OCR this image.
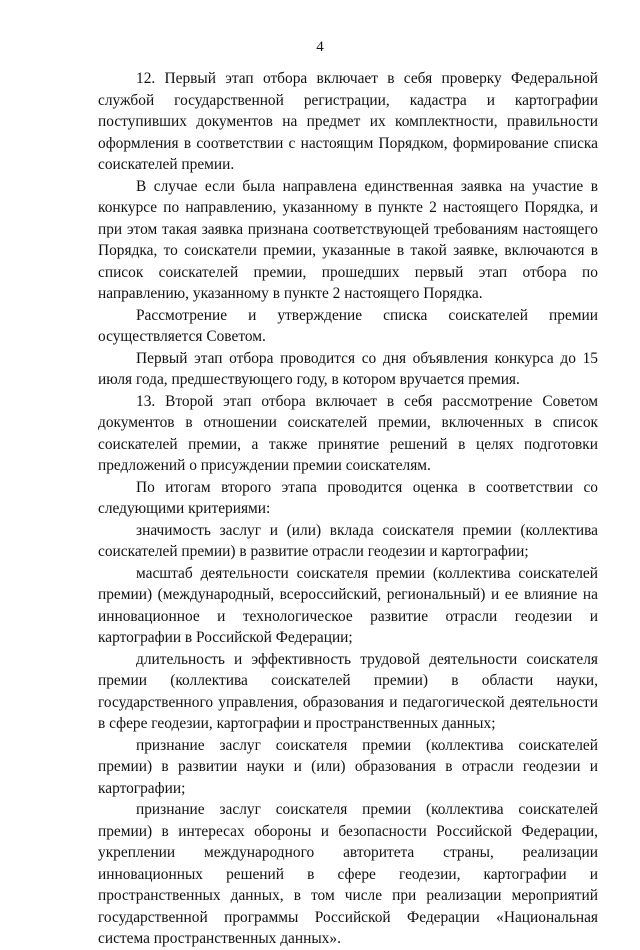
4

12. Первый этап отбора включает в себя проверку Федеральной службой государственной регистрации, кадастра и картографии поступивших документов на предмет их комплектности, правильности оформления в соответствии с настоящим Порядком, формирование списка соискателей премии.

В случае если была направлена единственная заявка на участие в конкурсе по направлению, указанному в пункте 2 настоящего Порядка, и при этом такая заявка признана соответствующей требованиям настоящего Порядка, то соискатели премии, указанные в такой заявке, включаются в список соискателей премии, прошедших первый этап отбора по направлению, указанному в пункте 2 настоящего Порядка.

Рассмотрение и утверждение списка соискателей премии осуществляется Советом.

Первый этап отбора проводится со дня объявления конкурса до 15 июля года, предшествующего году, в котором вручается премия.

13. Второй этап отбора включает в себя рассмотрение Советом документов в отношении соискателей премии, включенных в список соискателей премии, а также принятие решений в целях подготовки предложений о присуждении премии соискателям.

По итогам второго этапа проводится оценка в соответствии со следующими критериями:

значимость заслуг и (или) вклада соискателя премии (коллектива соискателей премии) в развитие отрасли геодезии и картографии;

масштаб деятельности соискателя премии (коллектива соискателей премии) (международный, всероссийский, региональный) и ее влияние на инновационное и технологическое развитие отрасли геодезии и картографии в Российской Федерации;

длительность и эффективность трудовой деятельности соискателя премии (коллектива соискателей премии) в области науки, государственного управления, образования и педагогической деятельности в сфере геодезии, картографии и пространственных данных;

признание заслуг соискателя премии (коллектива соискателей премии) в развитии науки и (или) образования в отрасли геодезии и картографии;

признание заслуг соискателя премии (коллектива соискателей премии) в интересах обороны и безопасности Российской Федерации, укреплении международного авторитета страны, реализации инновационных решений в сфере геодезии, картографии и пространственных данных, в том числе при реализации мероприятий государственной программы Российской Федерации «Национальная система пространственных данных».
